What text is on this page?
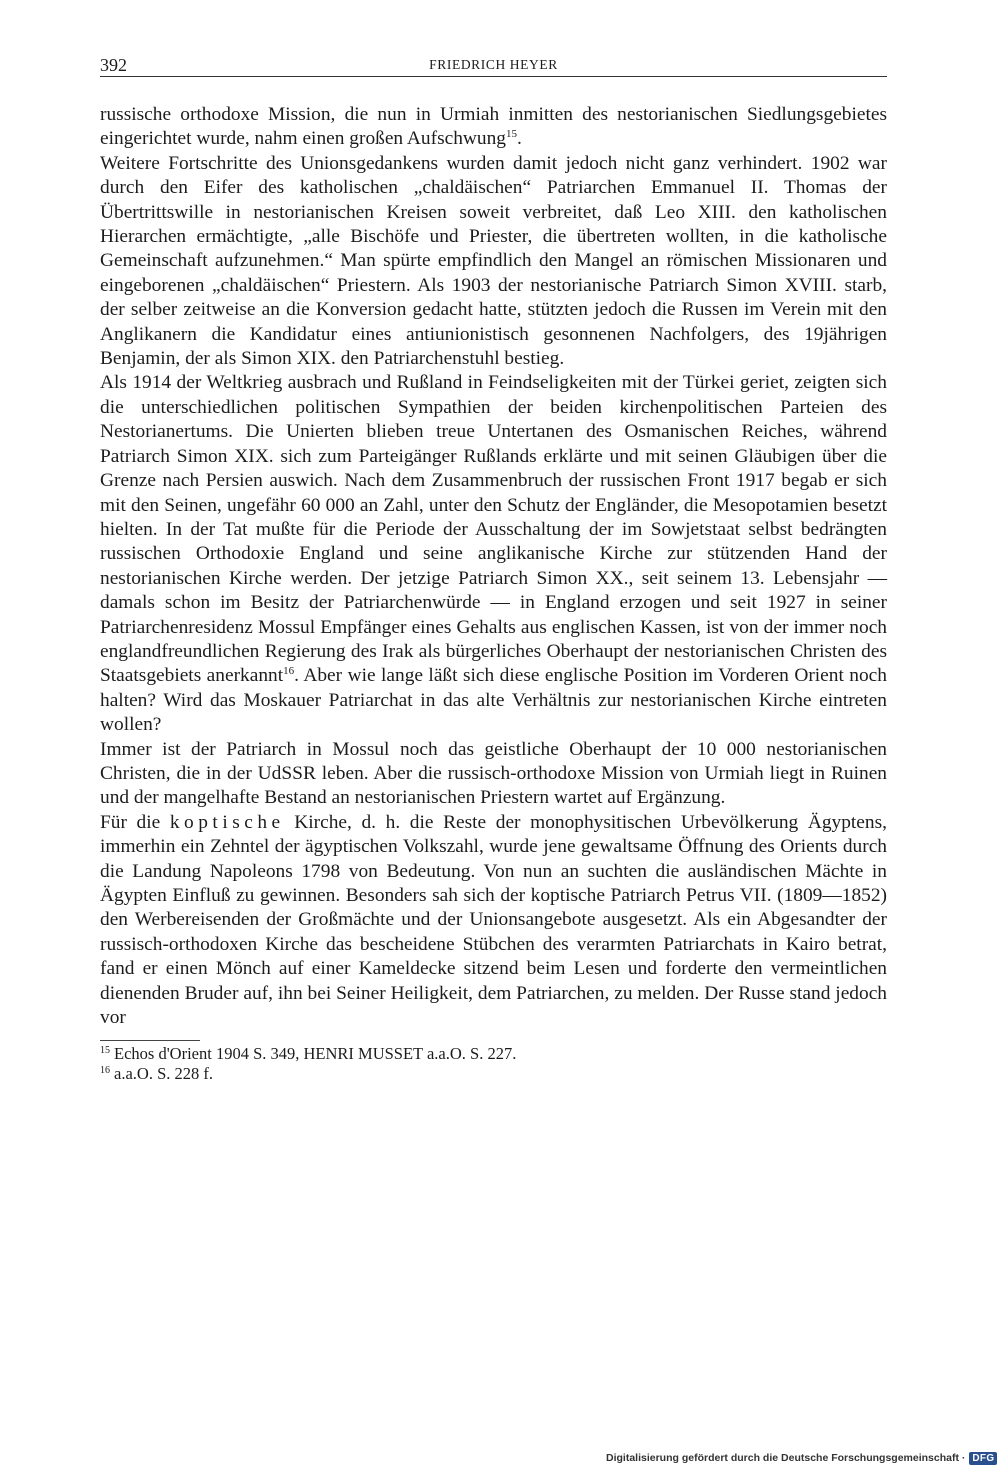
392	FRIEDRICH HEYER

russische orthodoxe Mission, die nun in Urmiah inmitten des nestorianischen Siedlungsgebietes eingerichtet wurde, nahm einen großen Aufschwung$^{15}$.

Weitere Fortschritte des Unionsgedankens wurden damit jedoch nicht ganz verhindert. 1902 war durch den Eifer des katholischen „chaldäischen“ Patriarchen Emmanuel II. Thomas der Übertrittswille in nestorianischen Kreisen soweit verbreitet, daß Leo XIII. den katholischen Hierarchen ermächtigte, „alle Bischöfe und Priester, die übertreten wollten, in die katholische Gemeinschaft aufzunehmen.“ Man spürte empfindlich den Mangel an römischen Missionaren und eingeborenen „chaldäischen“ Priestern. Als 1903 der nestorianische Patriarch Simon XVIII. starb, der selber zeitweise an die Konversion gedacht hatte, stützten jedoch die Russen im Verein mit den Anglikanern die Kandidatur eines antiunionistisch gesonnenen Nachfolgers, des 19jährigen Benjamin, der als Simon XIX. den Patriarchenstuhl bestieg.

Als 1914 der Weltkrieg ausbrach und Rußland in Feindseligkeiten mit der Türkei geriet, zeigten sich die unterschiedlichen politischen Sympathien der beiden kirchenpolitischen Parteien des Nestorianertums. Die Unierten blieben treue Untertanen des Osmanischen Reiches, während Patriarch Simon XIX. sich zum Parteigänger Rußlands erklärte und mit seinen Gläubigen über die Grenze nach Persien auswich. Nach dem Zusammenbruch der russischen Front 1917 begab er sich mit den Seinen, ungefähr 60 000 an Zahl, unter den Schutz der Engländer, die Mesopotamien besetzt hielten. In der Tat mußte für die Periode der Ausschaltung der im Sowjetstaat selbst bedrängten russischen Orthodoxie England und seine anglikanische Kirche zur stützenden Hand der nestorianischen Kirche werden. Der jetzige Patriarch Simon XX., seit seinem 13. Lebensjahr — damals schon im Besitz der Patriarchenwürde — in England erzogen und seit 1927 in seiner Patriarchenresidenz Mossul Empfänger eines Gehalts aus englischen Kassen, ist von der immer noch englandfreundlichen Regierung des Irak als bürgerliches Oberhaupt der nestorianischen Christen des Staatsgebiets anerkannt$^{16}$. Aber wie lange läßt sich diese englische Position im Vorderen Orient noch halten? Wird das Moskauer Patriarchat in das alte Verhältnis zur nestorianischen Kirche eintreten wollen?

Immer ist der Patriarch in Mossul noch das geistliche Oberhaupt der 10 000 nestorianischen Christen, die in der UdSSR leben. Aber die russisch-orthodoxe Mission von Urmiah liegt in Ruinen und der mangelhafte Bestand an nestorianischen Priestern wartet auf Ergänzung.

Für die koptische Kirche, d. h. die Reste der monophysitischen Urbevölkerung Ägyptens, immerhin ein Zehntel der ägyptischen Volkszahl, wurde jene gewaltsame Öffnung des Orients durch die Landung Napoleons 1798 von Bedeutung. Von nun an suchten die ausländischen Mächte in Ägypten Einfluß zu gewinnen. Besonders sah sich der koptische Patriarch Petrus VII. (1809—1852) den Werbereisenden der Großmächte und der Unionsangebote ausgesetzt. Als ein Abgesandter der russisch-orthodoxen Kirche das bescheidene Stübchen des verarmten Patriarchats in Kairo betrat, fand er einen Mönch auf einer Kameldecke sitzend beim Lesen und forderte den vermeintlichen dienenden Bruder auf, ihn bei Seiner Heiligkeit, dem Patriarchen, zu melden. Der Russe stand jedoch vor

$^{15}$ Echos d'Orient 1904 S. 349, HENRI MUSSET a.a.O. S. 227.

$^{16}$ a.a.O. S. 228 f.

Digitalisierung gefördert durch die Deutsche Forschungsgemeinschaft · DFG
